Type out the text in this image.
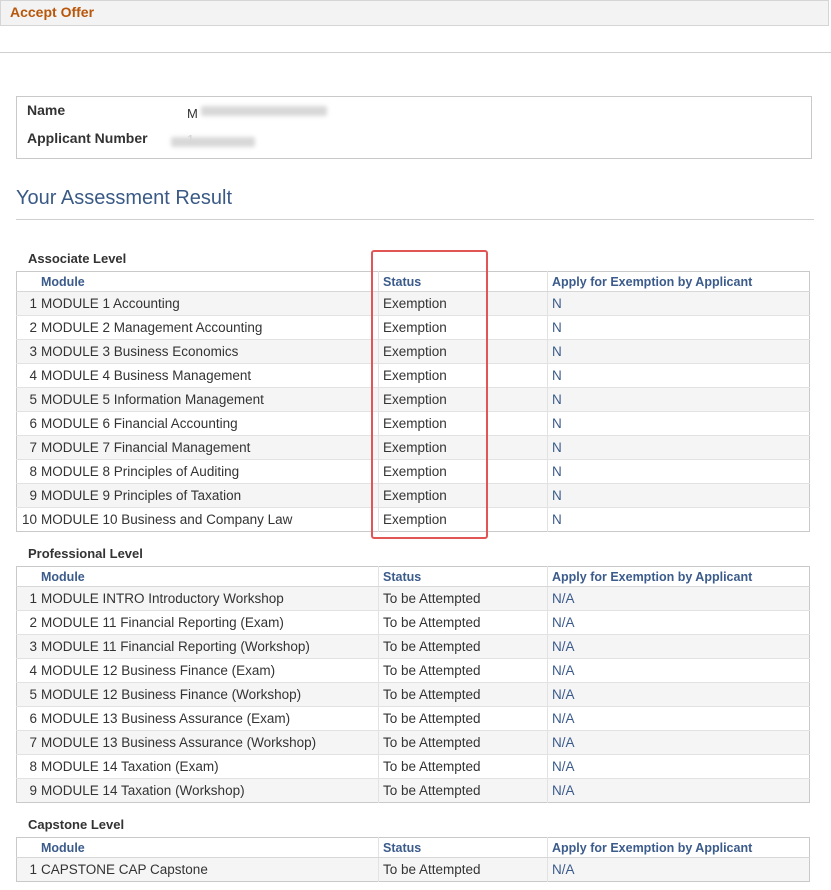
Accept Offer
Name	M
Applicant Number
Your Assessment Result
Associate Level
	Module	Status	Apply for Exemption by Applicant
1	MODULE 1 Accounting	Exemption	N
2	MODULE 2 Management Accounting	Exemption	N
3	MODULE 3 Business Economics	Exemption	N
4	MODULE 4 Business Management	Exemption	N
5	MODULE 5 Information Management	Exemption	N
6	MODULE 6 Financial Accounting	Exemption	N
7	MODULE 7 Financial Management	Exemption	N
8	MODULE 8 Principles of Auditing	Exemption	N
9	MODULE 9 Principles of Taxation	Exemption	N
10	MODULE 10 Business and Company Law	Exemption	N
Professional Level
	Module	Status	Apply for Exemption by Applicant
1	MODULE INTRO Introductory Workshop	To be Attempted	N/A
2	MODULE 11 Financial Reporting (Exam)	To be Attempted	N/A
3	MODULE 11 Financial Reporting (Workshop)	To be Attempted	N/A
4	MODULE 12 Business Finance (Exam)	To be Attempted	N/A
5	MODULE 12 Business Finance (Workshop)	To be Attempted	N/A
6	MODULE 13 Business Assurance (Exam)	To be Attempted	N/A
7	MODULE 13 Business Assurance (Workshop)	To be Attempted	N/A
8	MODULE 14 Taxation (Exam)	To be Attempted	N/A
9	MODULE 14 Taxation (Workshop)	To be Attempted	N/A
Capstone Level
	Module	Status	Apply for Exemption by Applicant
1	CAPSTONE CAP Capstone	To be Attempted	N/A
